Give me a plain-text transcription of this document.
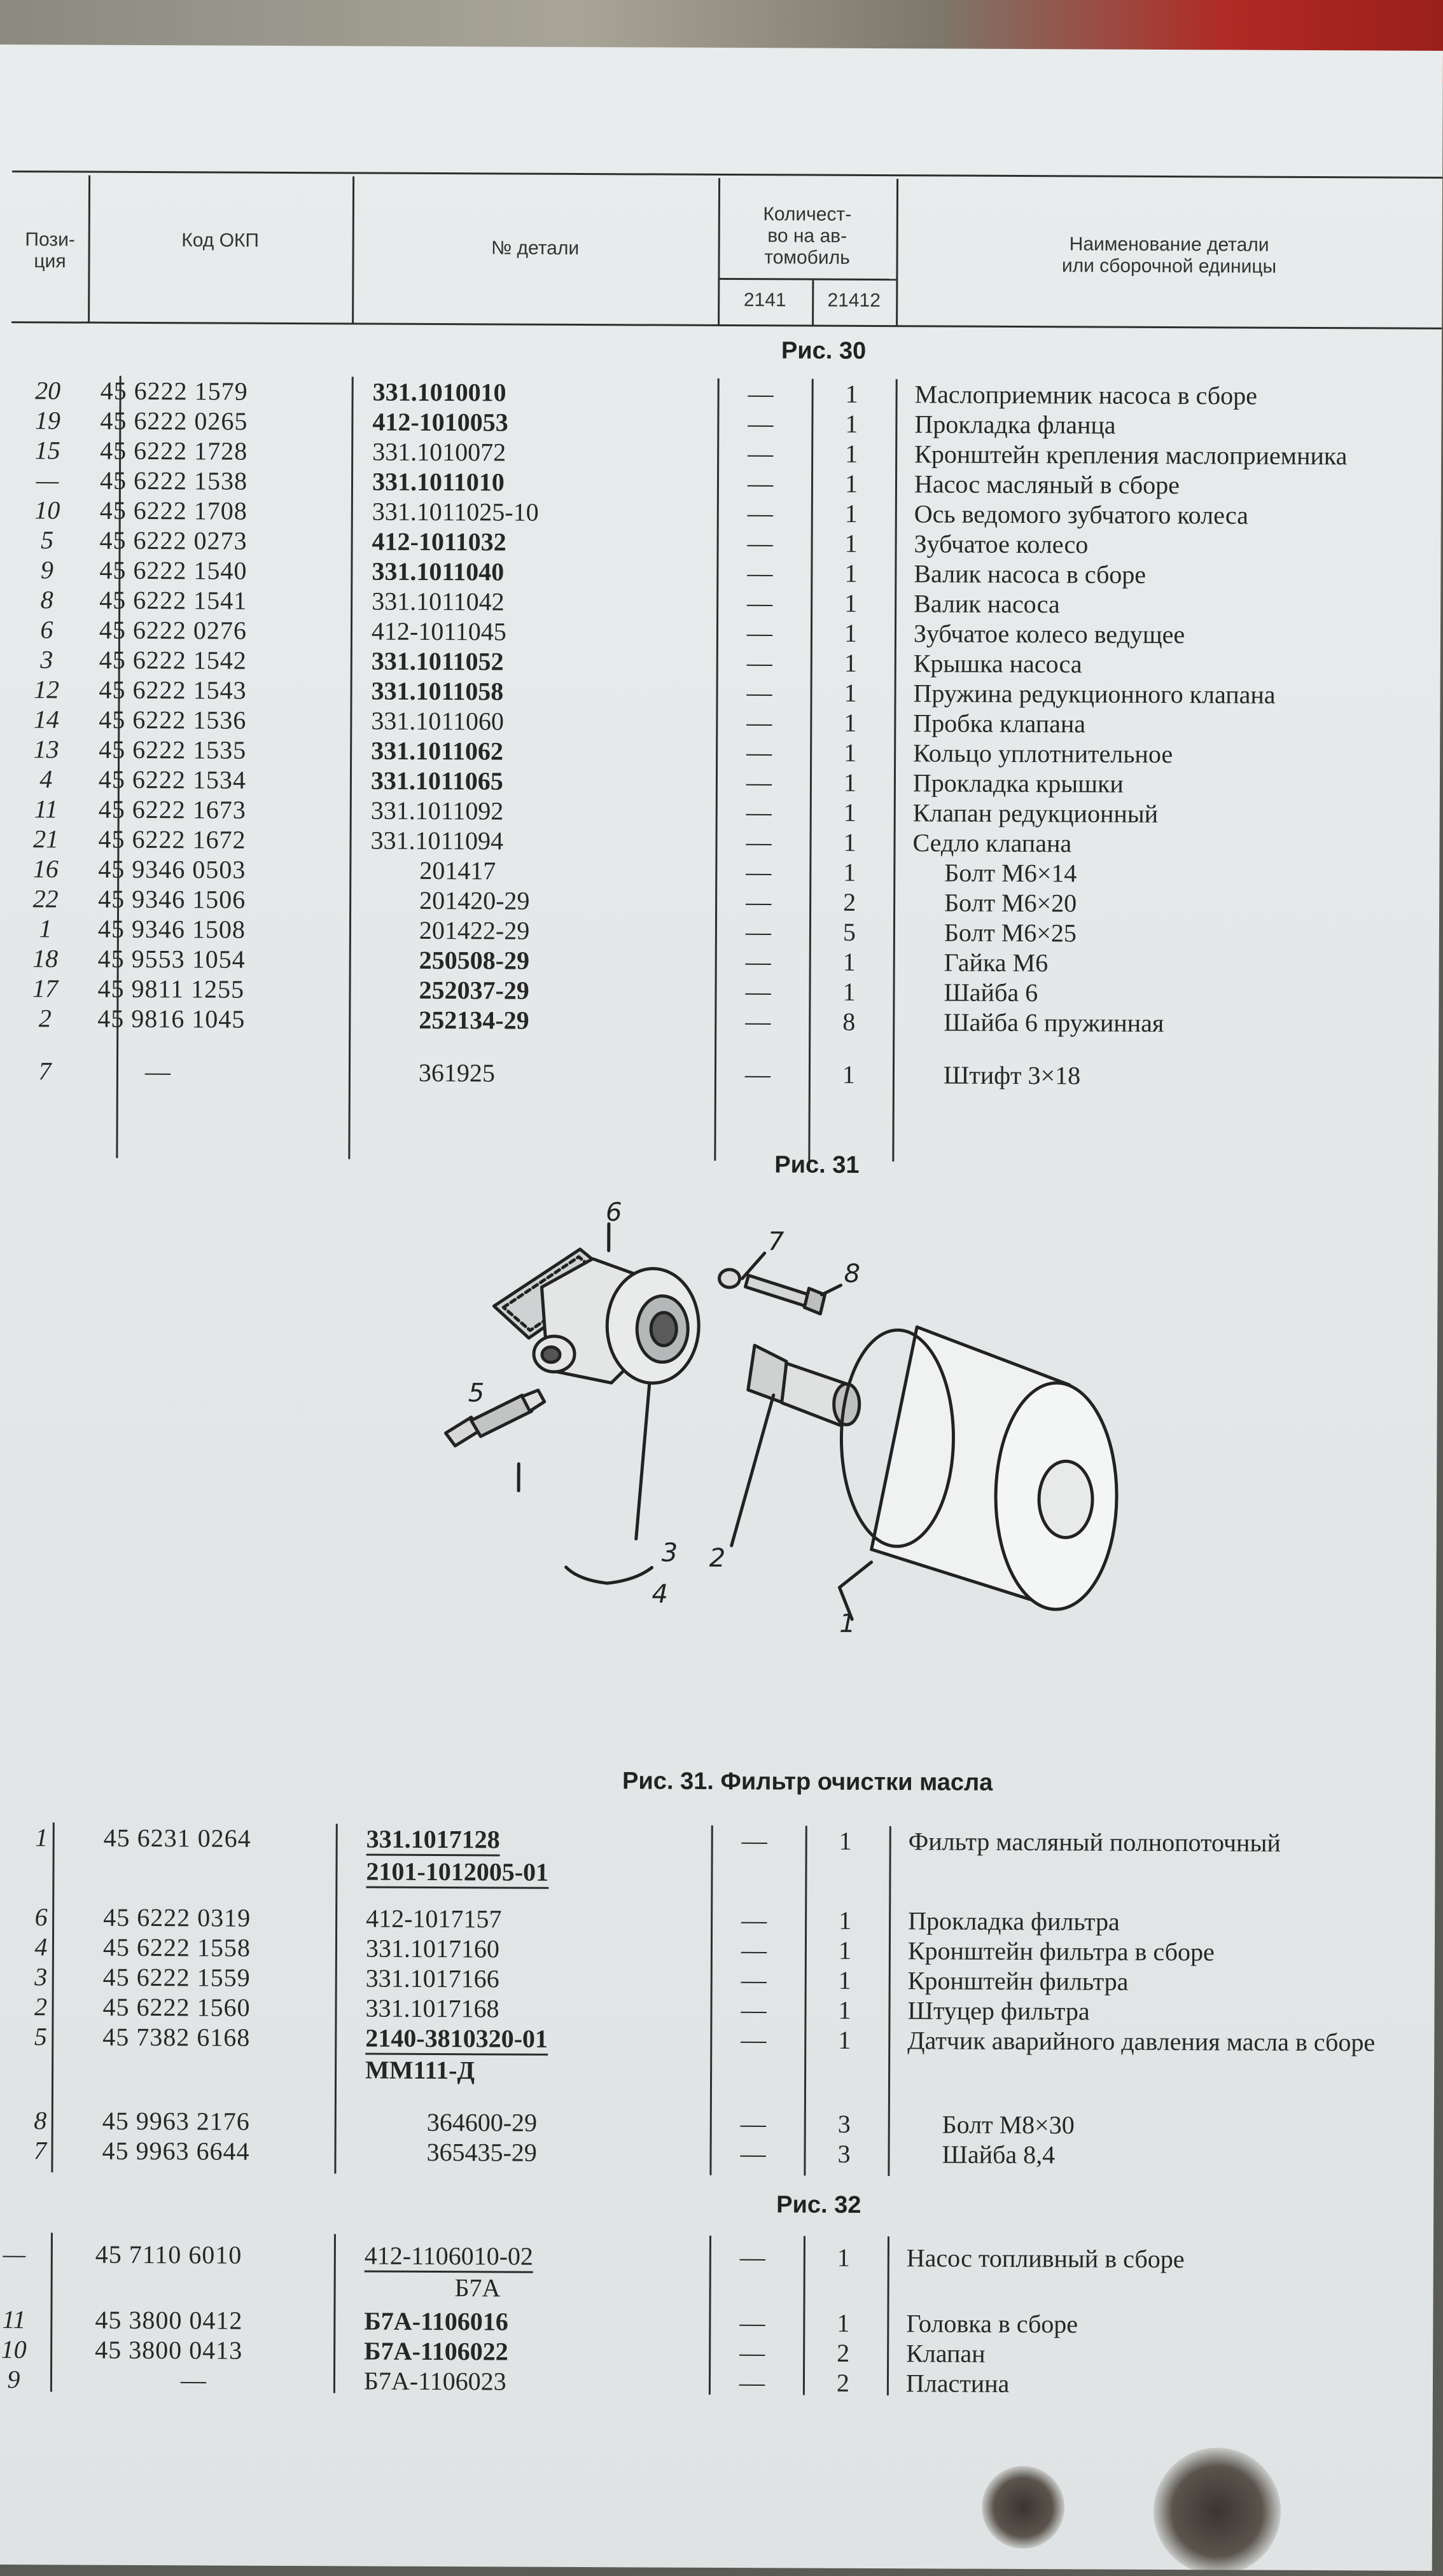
Пози-
ция
Код ОКП	№ детали
Количест-
во на ав-
томобиль
2141	21412
Наименование детали
или сборочной единицы
Рис. 30
20	45 6222 1579	331.1010010	—	1	Маслоприемник насоса в сборе
19	45 6222 0265	412-1010053	—	1	Прокладка фланца
15	45 6222 1728	331.1010072	—	1	Кронштейн крепления маслоприемника
—	45 6222 1538	331.1011010	—	1	Насос масляный в сборе
10	45 6222 1708	331.1011025-10	—	1	Ось ведомого зубчатого колеса
5	45 6222 0273	412-1011032	—	1	Зубчатое колесо
9	45 6222 1540	331.1011040	—	1	Валик насоса в сборе
8	45 6222 1541	331.1011042	—	1	Валик насоса
6	45 6222 0276	412-1011045	—	1	Зубчатое колесо ведущее
3	45 6222 1542	331.1011052	—	1	Крышка насоса
12	45 6222 1543	331.1011058	—	1	Пружина редукционного клапана
14	45 6222 1536	331.1011060	—	1	Пробка клапана
13	45 6222 1535	331.1011062	—	1	Кольцо уплотнительное
4	45 6222 1534	331.1011065	—	1	Прокладка крышки
11	45 6222 1673	331.1011092	—	1	Клапан редукционный
21	45 6222 1672	331.1011094	—	1	Седло клапана
16	45 9346 0503	201417	—	1	Болт М6×14
22	45 9346 1506	201420-29	—	2	Болт М6×20
1	45 9346 1508	201422-29	—	5	Болт М6×25
18	45 9553 1054	250508-29	—	1	Гайка М6
17	45 9811 1255	252037-29	—	1	Шайба 6
2	45 9816 1045	252134-29	—	8	Шайба 6 пружинная
7	—	361925	—	1	Штифт 3×18
Рис. 31
6
7
8
5
3 2
4
1
Рис. 31. Фильтр очистки масла
1	45 6231 0264	331.1017128	—	1	Фильтр масляный полнопоточный
2101-1012005-01
6	45 6222 0319	412-1017157	—	1	Прокладка фильтра
4	45 6222 1558	331.1017160	—	1	Кронштейн фильтра в сборе
3	45 6222 1559	331.1017166	—	1	Кронштейн фильтра
2	45 6222 1560	331.1017168	—	1	Штуцер фильтра
5	45 7382 6168	2140-3810320-01	—	1	Датчик аварийного давления масла в сборе
ММ111-Д
8	45 9963 2176	364600-29	—	3	Болт М8×30
7	45 9963 6644	365435-29	—	3	Шайба 8,4
Рис. 32
—	45 7110 6010	412-1106010-02	—	1	Насос топливный в сборе
Б7А
11	45 3800 0412	Б7А-1106016	—	1	Головка в сборе
10	45 3800 0413	Б7А-1106022	—	2	Клапан
9	—	Б7А-1106023	—	2	Пластина
